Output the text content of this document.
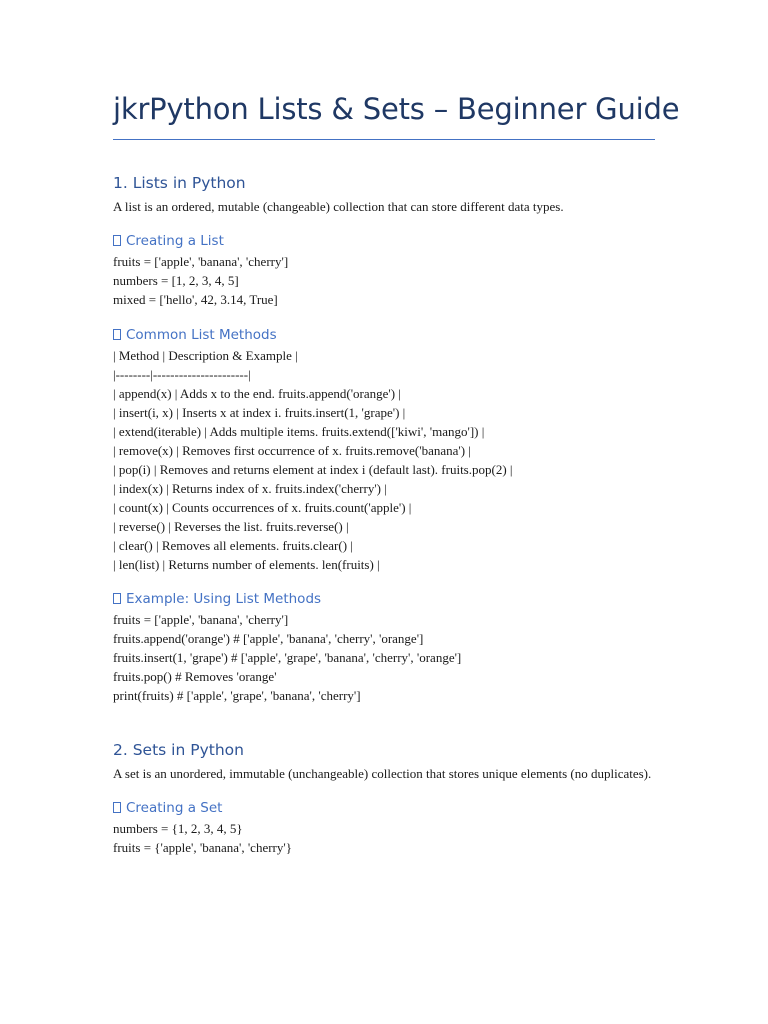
jkrPython Lists & Sets – Beginner Guide
1. Lists in Python

A list is an ordered, mutable (changeable) collection that can store different data types.

Creating a List

fruits = ['apple', 'banana', 'cherry']

numbers = [1, 2, 3, 4, 5]

mixed = ['hello', 42, 3.14, True]

Common List Methods

| Method | Description & Example |

|--------|----------------------|

| append(x) | Adds x to the end. fruits.append('orange') |

| insert(i, x) | Inserts x at index i. fruits.insert(1, 'grape') |

| extend(iterable) | Adds multiple items. fruits.extend(['kiwi', 'mango']) |

| remove(x) | Removes first occurrence of x. fruits.remove('banana') |

| pop(i) | Removes and returns element at index i (default last). fruits.pop(2) |

| index(x) | Returns index of x. fruits.index('cherry') |

| count(x) | Counts occurrences of x. fruits.count('apple') |

| reverse() | Reverses the list. fruits.reverse() |

| clear() | Removes all elements. fruits.clear() |

| len(list) | Returns number of elements. len(fruits) |

Example: Using List Methods

fruits = ['apple', 'banana', 'cherry']

fruits.append('orange') # ['apple', 'banana', 'cherry', 'orange']

fruits.insert(1, 'grape') # ['apple', 'grape', 'banana', 'cherry', 'orange']

fruits.pop() # Removes 'orange'

print(fruits) # ['apple', 'grape', 'banana', 'cherry']

2. Sets in Python

A set is an unordered, immutable (unchangeable) collection that stores unique elements (no duplicates).

Creating a Set

numbers = {1, 2, 3, 4, 5}

fruits = {'apple', 'banana', 'cherry'}
